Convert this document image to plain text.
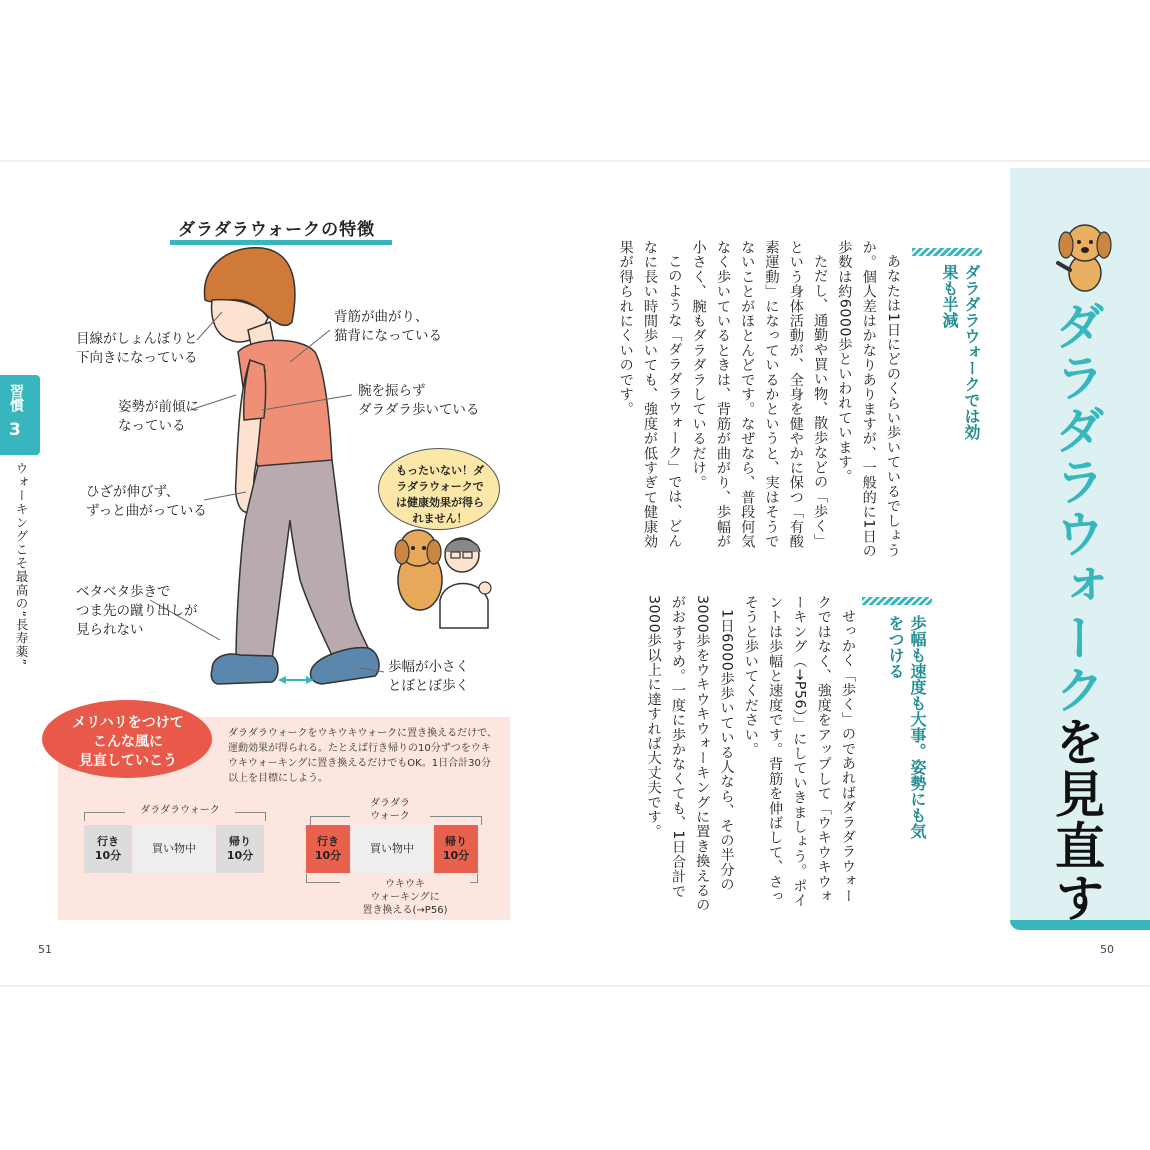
ダラダラウォークの特徴
習慣
3
ウォーキングこそ最高の“長寿薬”
目線がしょんぼりと
下向きになっている
姿勢が前傾に
なっている
ひざが伸びず、
ずっと曲がっている
ベタベタ歩きで
つま先の蹴り出しが
見られない
背筋が曲がり、
猫背になっている
腕を振らず
ダラダラ歩いている
歩幅が小さく
とぼとぼ歩く
もったいない！ダラダラウォークでは健康効果が得られません！
メリハリをつけて
こんな風に
見直していこう
ダラダラウォークをウキウキウォークに置き換えるだけで、運動効果が得られる。たとえば行き帰りの10分ずつをウキウキウォーキングに置き換えるだけでもOK。1日合計30分以上を目標にしよう。
ダラダラウォーク
行き
10分
買い物中
帰り
10分
ダラダラ
ウォーク
行き
10分
買い物中
帰り
10分
ウキウキ
ウォーキングに
置き換える(→P56)
51
ダラダラウォークを見直す
ダラダラウォークでは効果も半減

あなたは1日にどのくらい歩いているでしょうか。個人差はかなりありますが、一般的に1日の歩数は約6000歩といわれています。

ただし、通勤や買い物、散歩などの「歩く」という身体活動が、全身を健やかに保つ「有酸素運動」になっているかというと、実はそうでないことがほとんどです。なぜなら、普段何気なく歩いているときは、背筋が曲がり、歩幅が小さく、腕もダラダラしているだけ。

このような「ダラダラウォーク」では、どんなに長い時間歩いても、強度が低すぎて健康効果が得られにくいのです。

歩幅も速度も大事。姿勢にも気をつける

せっかく「歩く」のであればダラダラウォークではなく、強度をアップして「ウキウキウォーキング（→P56）」にしていきましょう。ポイントは歩幅と速度です。背筋を伸ばして、さっそうと歩いてください。

1日6000歩歩いている人なら、その半分の3000歩をウキウキウォーキングに置き換えるのがおすすめ。一度に歩かなくても、1日合計で3000歩以上に達すれば大丈夫です。

50
